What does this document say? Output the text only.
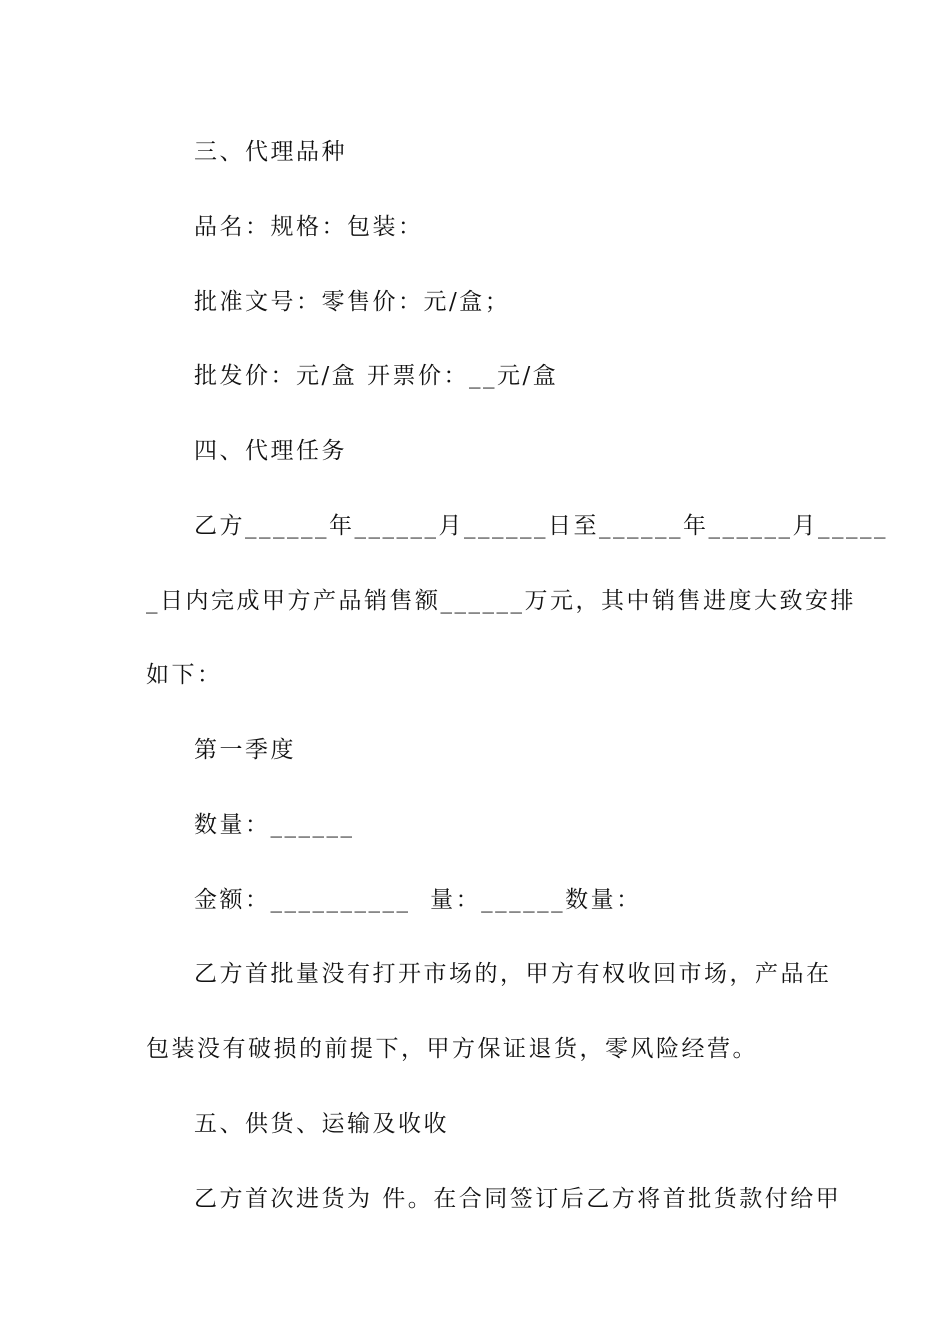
三、代理品种
品名：规格：包装：
批准文号：零售价：元/盒；
批发价：元/盒 开票价：__元/盒
四、代理任务
乙方______年______月______日至______年______月_____
_日内完成甲方产品销售额______万元，其中销售进度大致安排
如下：
第一季度
数量：______
金额：__________  量：______数量：
乙方首批量没有打开市场的，甲方有权收回市场，产品在
包装没有破损的前提下，甲方保证退货，零风险经营。
五、供货、运输及收收
乙方首次进货为 件。在合同签订后乙方将首批货款付给甲
